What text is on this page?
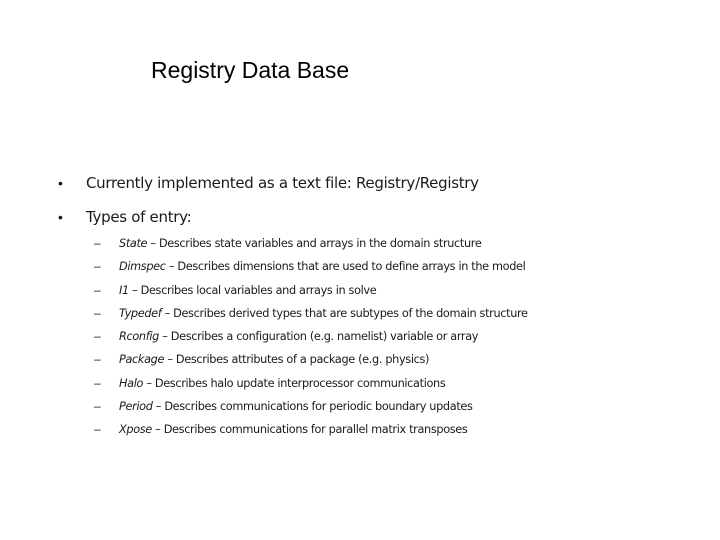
Registry Data Base
• Currently implemented as a text file: Registry/Registry
• Types of entry:
– State – Describes state variables and arrays in the domain structure
– Dimspec – Describes dimensions that are used to define arrays in the model
– I1 – Describes local variables and arrays in solve
– Typedef – Describes derived types that are subtypes of the domain structure
– Rconfig – Describes a configuration (e.g. namelist) variable or array
– Package – Describes attributes of a package (e.g. physics)
– Halo – Describes halo update interprocessor communications
– Period – Describes communications for periodic boundary updates
– Xpose – Describes communications for parallel matrix transposes
